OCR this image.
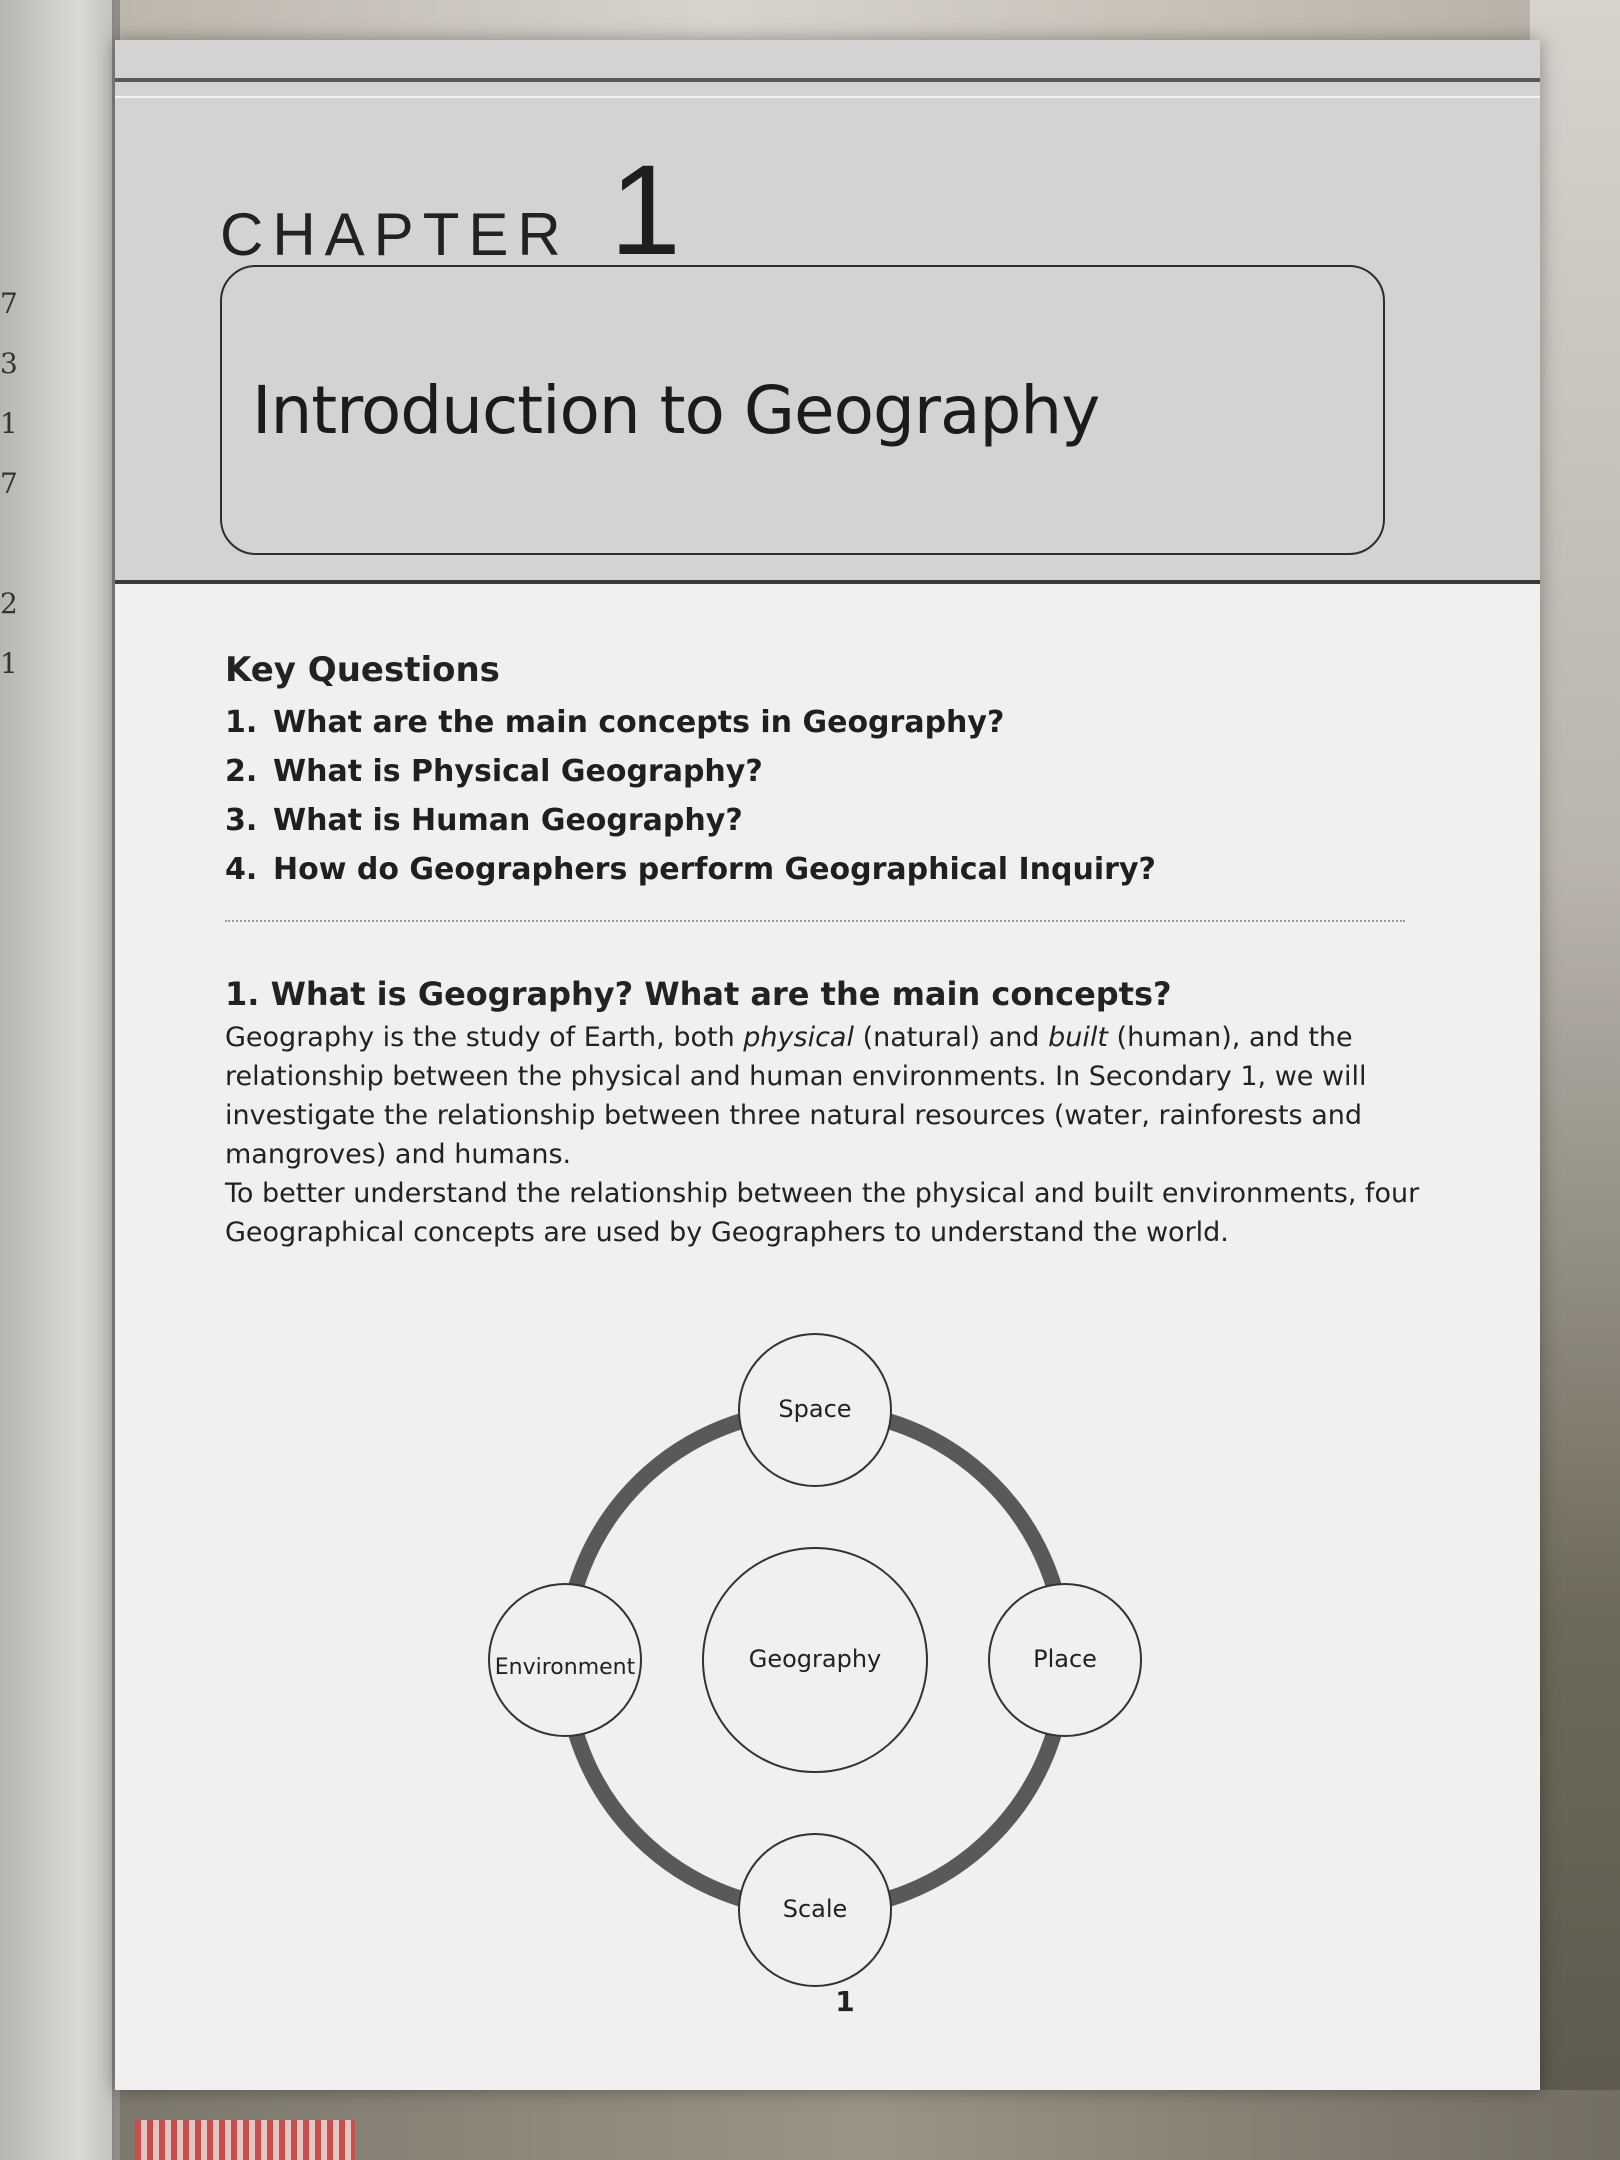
7
3
1
7
2
1
CHAPTER 1
Introduction to Geography
Key Questions
1. What are the main concepts in Geography?
2. What is Physical Geography?
3. What is Human Geography?
4. How do Geographers perform Geographical Inquiry?
1. What is Geography? What are the main concepts?

Geography is the study of Earth, both physical (natural) and built (human), and the relationship between the physical and human environments. In Secondary 1, we will investigate the relationship between three natural resources (water, rainforests and mangroves) and humans.

To better understand the relationship between the physical and built environments, four Geographical concepts are used by Geographers to understand the world.

Geography
Space
Place
Scale
Environment
1
